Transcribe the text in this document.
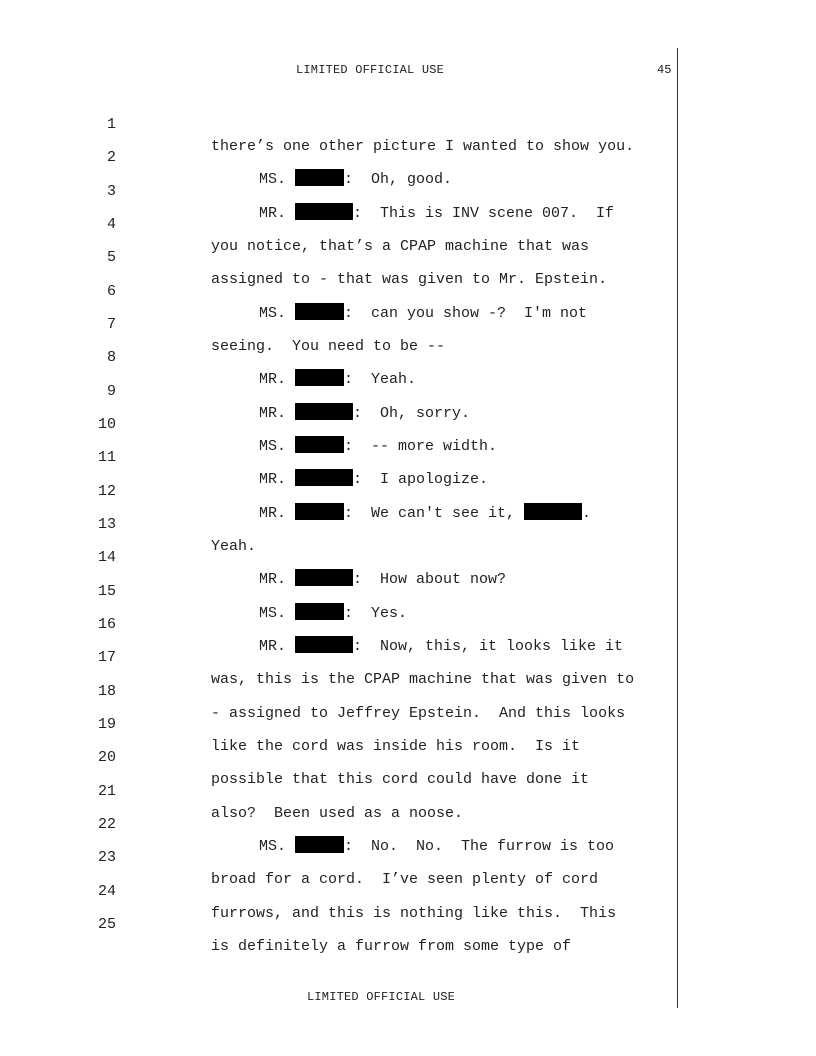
LIMITED OFFICIAL USE	45

1

there’s one other picture I wanted to show you.

2

MS.	:  Oh, good.

3

MR.	:  This is INV scene 007.  If

4

you notice, that’s a CPAP machine that was

5

assigned to - that was given to Mr. Epstein.

6

MS.	:  can you show -?  I'm not

7

seeing.  You need to be --

8

MR.	:  Yeah.

9

MR.	:  Oh, sorry.

10

MS.	:  -- more width.

11

MR.	:  I apologize.

12

MR.	:  We can't see it,	.

13

Yeah.

14

MR.	:  How about now?

15

MS.	:  Yes.

16

MR.	:  Now, this, it looks like it

17

was, this is the CPAP machine that was given to

18

- assigned to Jeffrey Epstein.  And this looks

19

like the cord was inside his room.  Is it

20

possible that this cord could have done it

21

also?  Been used as a noose.

22

MS.	:  No.  No.  The furrow is too

23

broad for a cord.  I’ve seen plenty of cord

24

furrows, and this is nothing like this.  This

25

is definitely a furrow from some type of

LIMITED OFFICIAL USE
